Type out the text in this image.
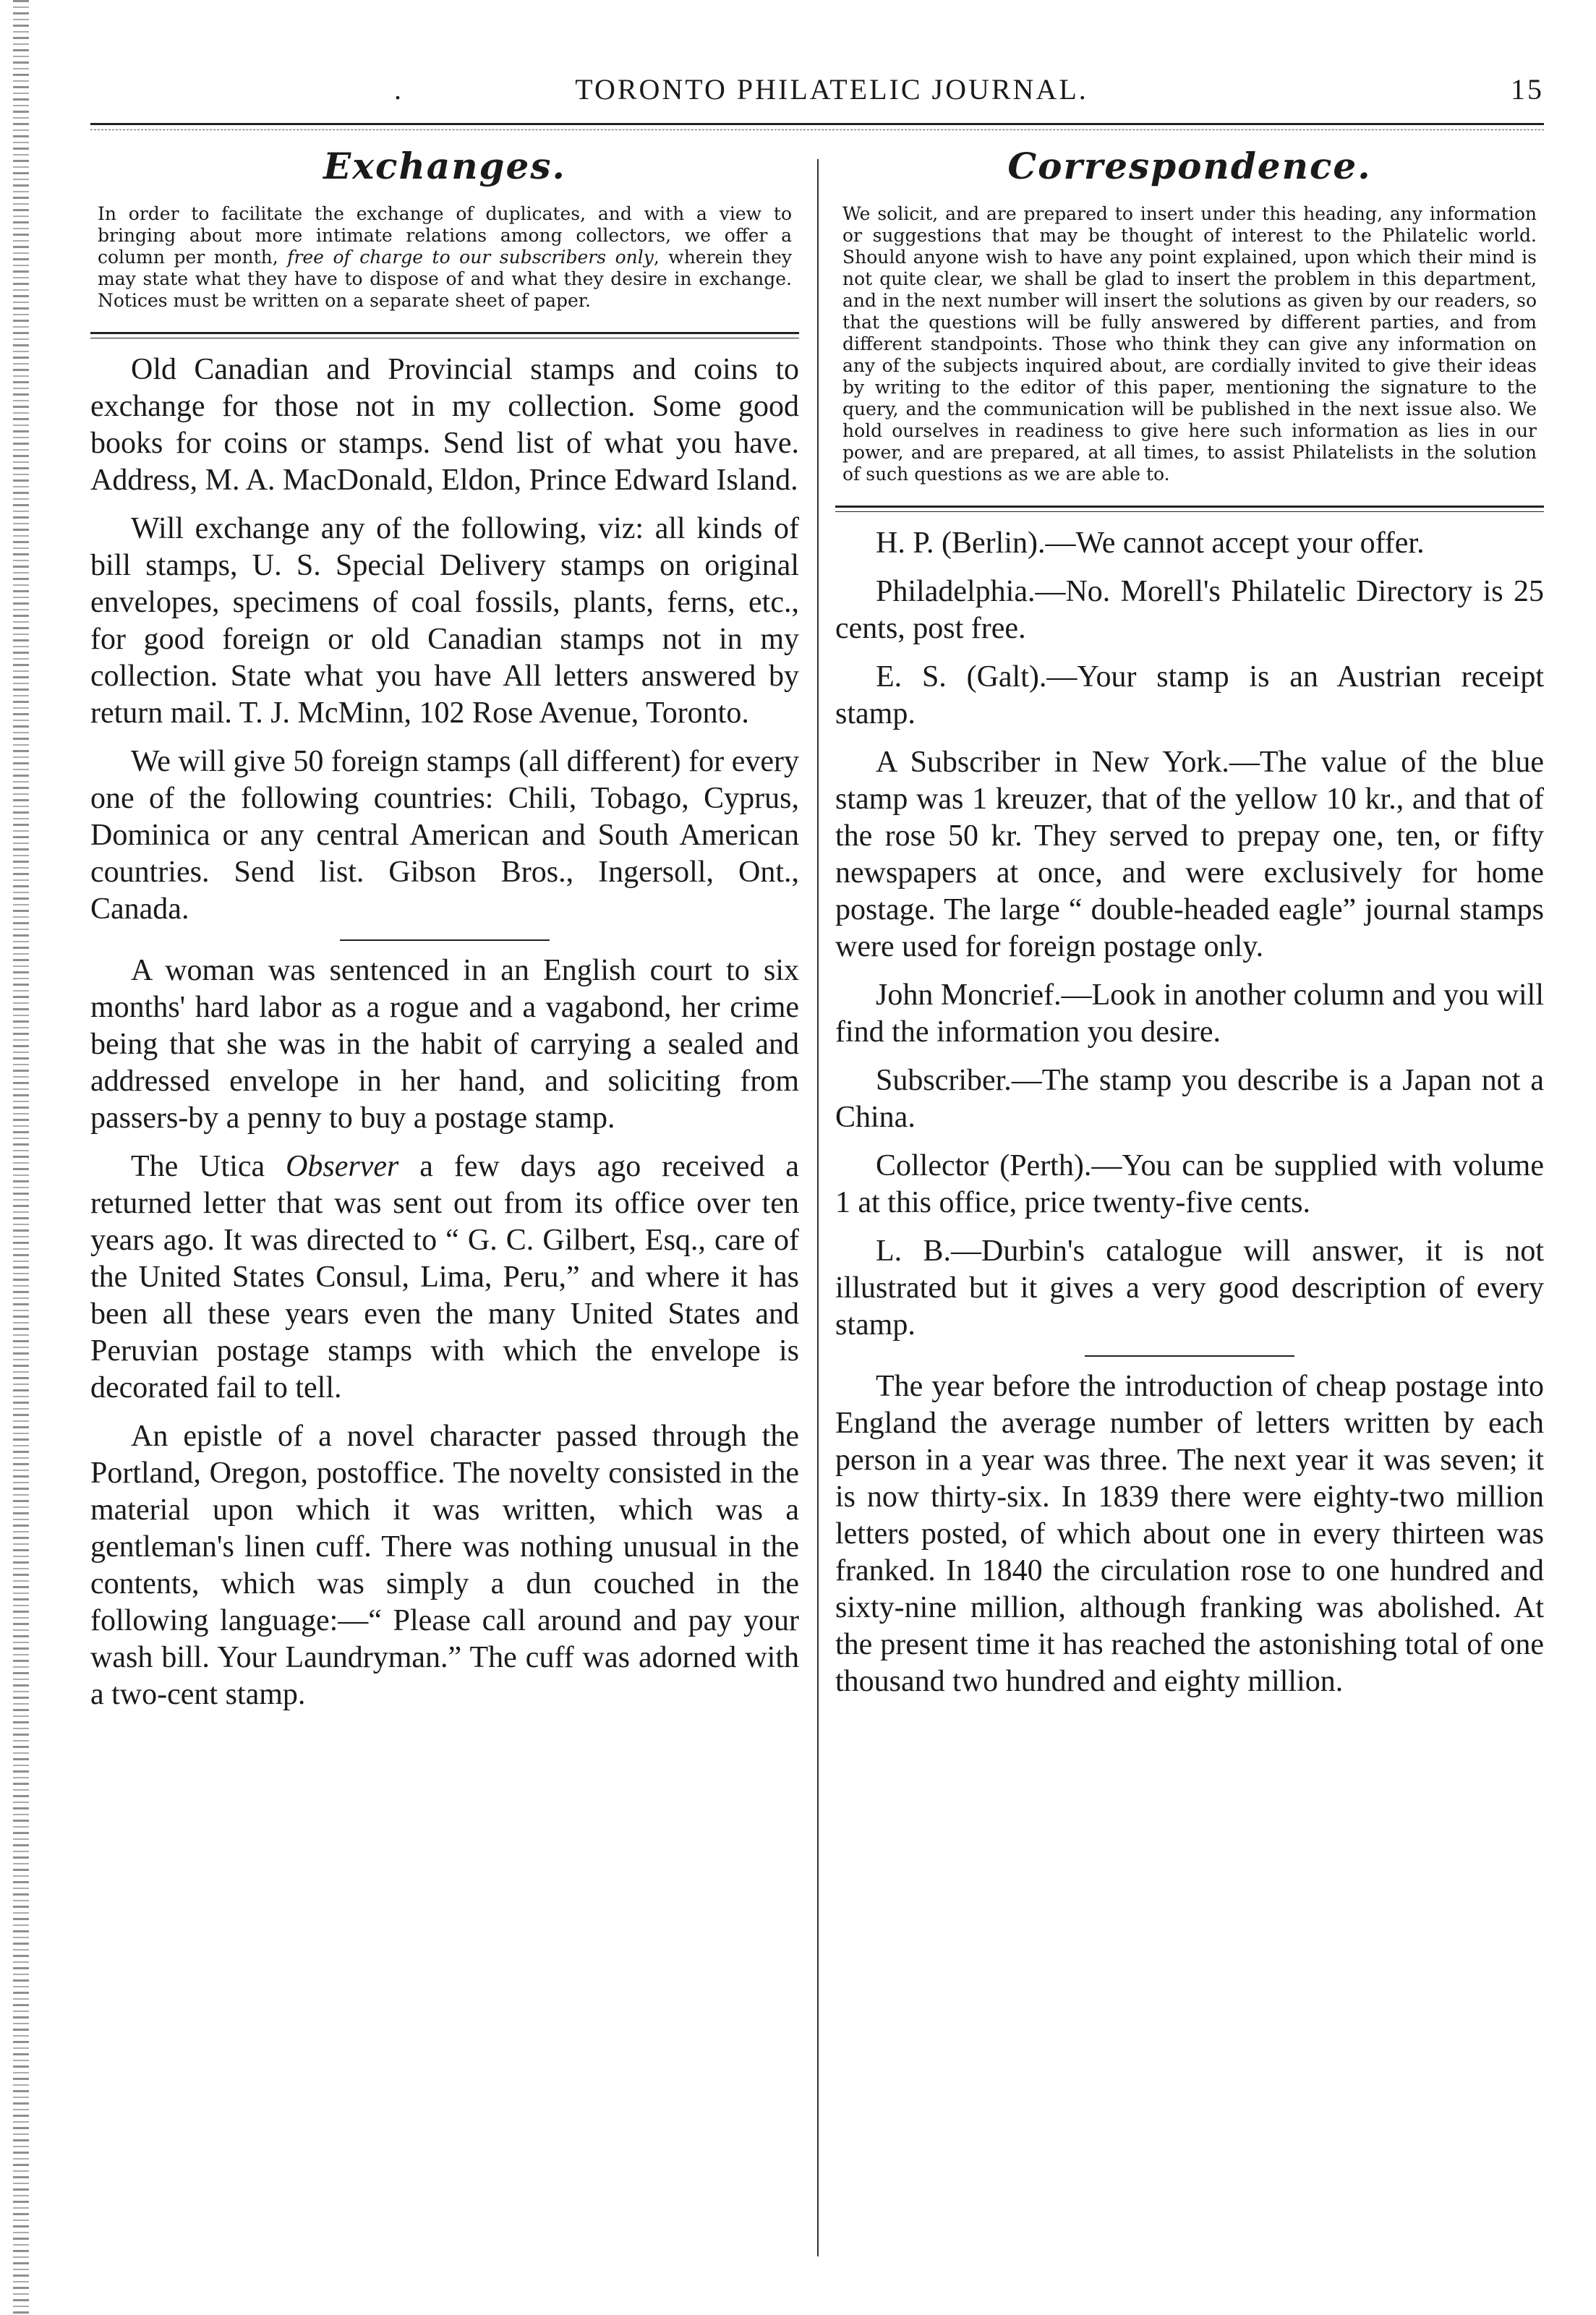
.	TORONTO PHILATELIC JOURNAL.	15
Exchanges.
In order to facilitate the exchange of duplicates, and with a view to bringing about more intimate relations among collectors, we offer a column per month, free of charge to our subscribers only, wherein they may state what they have to dispose of and what they desire in exchange. Notices must be written on a separate sheet of paper.

Old Canadian and Provincial stamps and coins to exchange for those not in my collection. Some good books for coins or stamps. Send list of what you have. Address, M. A. MacDonald, Eldon, Prince Edward Island.

Will exchange any of the following, viz: all kinds of bill stamps, U. S. Special Delivery stamps on original envelopes, specimens of coal fossils, plants, ferns, etc., for good foreign or old Canadian stamps not in my collection. State what you have All letters answered by return mail. T. J. McMinn, 102 Rose Avenue, Toronto.

We will give 50 foreign stamps (all different) for every one of the following countries: Chili, Tobago, Cyprus, Dominica or any central American and South American countries. Send list. Gibson Bros., Ingersoll, Ont., Canada.

A woman was sentenced in an English court to six months' hard labor as a rogue and a vagabond, her crime being that she was in the habit of carrying a sealed and addressed envelope in her hand, and soliciting from passers-by a penny to buy a postage stamp.

The Utica Observer a few days ago received a returned letter that was sent out from its office over ten years ago. It was directed to “ G. C. Gilbert, Esq., care of the United States Consul, Lima, Peru,” and where it has been all these years even the many United States and Peruvian postage stamps with which the envelope is decorated fail to tell.

An epistle of a novel character passed through the Portland, Oregon, postoffice. The novelty consisted in the material upon which it was written, which was a gentleman's linen cuff. There was nothing unusual in the contents, which was simply a dun couched in the following language:—“ Please call around and pay your wash bill. Your Laundryman.” The cuff was adorned with a two-cent stamp.

Correspondence.
We solicit, and are prepared to insert under this heading, any information or suggestions that may be thought of interest to the Philatelic world. Should anyone wish to have any point explained, upon which their mind is not quite clear, we shall be glad to insert the problem in this department, and in the next number will insert the solutions as given by our readers, so that the questions will be fully answered by different parties, and from different standpoints. Those who think they can give any information on any of the subjects inquired about, are cordially invited to give their ideas by writing to the editor of this paper, mentioning the signature to the query, and the communication will be published in the next issue also. We hold ourselves in readiness to give here such information as lies in our power, and are prepared, at all times, to assist Philatelists in the solution of such questions as we are able to.

H. P. (Berlin).—We cannot accept your offer.

Philadelphia.—No. Morell's Philatelic Directory is 25 cents, post free.

E. S. (Galt).—Your stamp is an Austrian receipt stamp.

A Subscriber in New York.—The value of the blue stamp was 1 kreuzer, that of the yellow 10 kr., and that of the rose 50 kr. They served to prepay one, ten, or fifty newspapers at once, and were exclusively for home postage. The large “ double-headed eagle” journal stamps were used for foreign postage only.

John Moncrief.—Look in another column and you will find the information you desire.

Subscriber.—The stamp you describe is a Japan not a China.

Collector (Perth).—You can be supplied with volume 1 at this office, price twenty-five cents.

L. B.—Durbin's catalogue will answer, it is not illustrated but it gives a very good description of every stamp.

The year before the introduction of cheap postage into England the average number of letters written by each person in a year was three. The next year it was seven; it is now thirty-six. In 1839 there were eighty-two million letters posted, of which about one in every thirteen was franked. In 1840 the circulation rose to one hundred and sixty-nine million, although franking was abolished. At the present time it has reached the astonishing total of one thousand two hundred and eighty million.
